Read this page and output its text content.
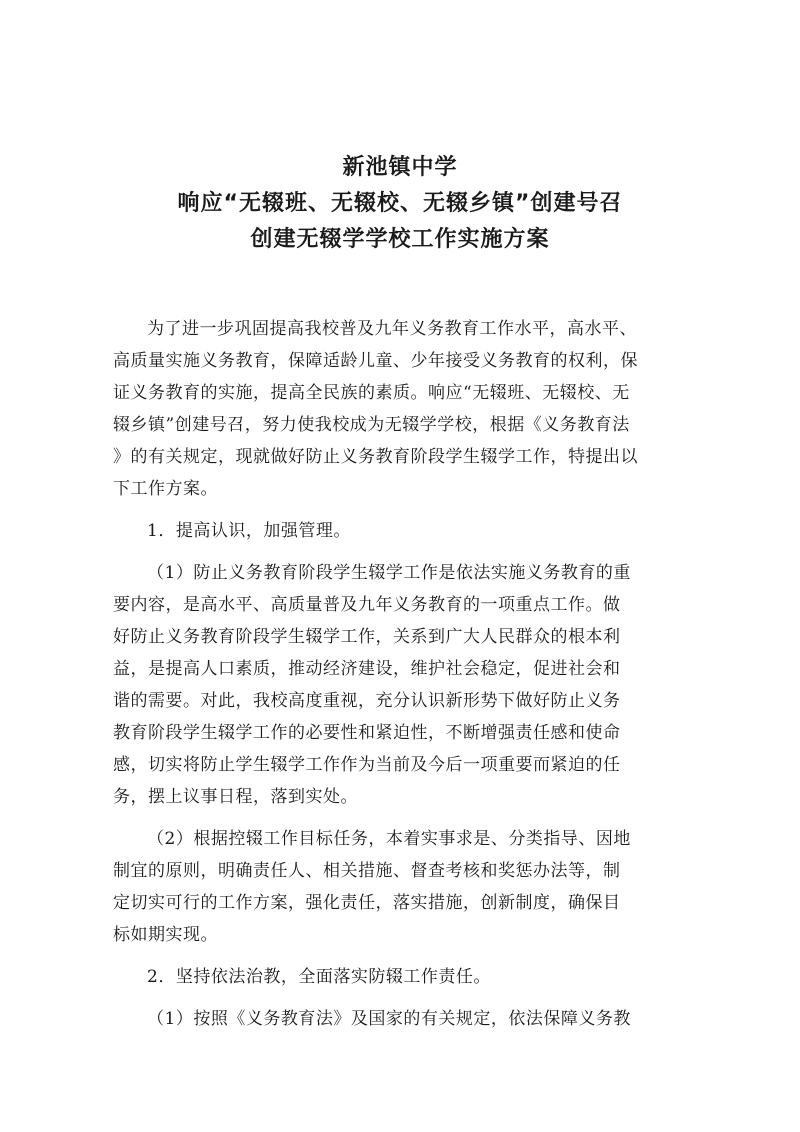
新池镇中学
响应“无辍班、无辍校、无辍乡镇”创建号召
创建无辍学学校工作实施方案

为了进一步巩固提高我校普及九年义务教育工作水平，高水平、
高质量实施义务教育，保障适龄儿童、少年接受义务教育的权利，保
证义务教育的实施，提高全民族的素质。响应“无辍班、无辍校、无
辍乡镇”创建号召，努力使我校成为无辍学学校，根据《义务教育法
》的有关规定，现就做好防止义务教育阶段学生辍学工作，特提出以
下工作方案。

1．提高认识，加强管理。

（1）防止义务教育阶段学生辍学工作是依法实施义务教育的重
要内容，是高水平、高质量普及九年义务教育的一项重点工作。做
好防止义务教育阶段学生辍学工作，关系到广大人民群众的根本利
益，是提高人口素质，推动经济建设，维护社会稳定，促进社会和
谐的需要。对此，我校高度重视，充分认识新形势下做好防止义务
教育阶段学生辍学工作的必要性和紧迫性，不断增强责任感和使命
感，切实将防止学生辍学工作作为当前及今后一项重要而紧迫的任
务，摆上议事日程，落到实处。

（2）根据控辍工作目标任务，本着实事求是、分类指导、因地
制宜的原则，明确责任人、相关措施、督查考核和奖惩办法等，制
定切实可行的工作方案，强化责任，落实措施，创新制度，确保目
标如期实现。

2．坚持依法治教，全面落实防辍工作责任。

（1）按照《义务教育法》及国家的有关规定，依法保障义务教
